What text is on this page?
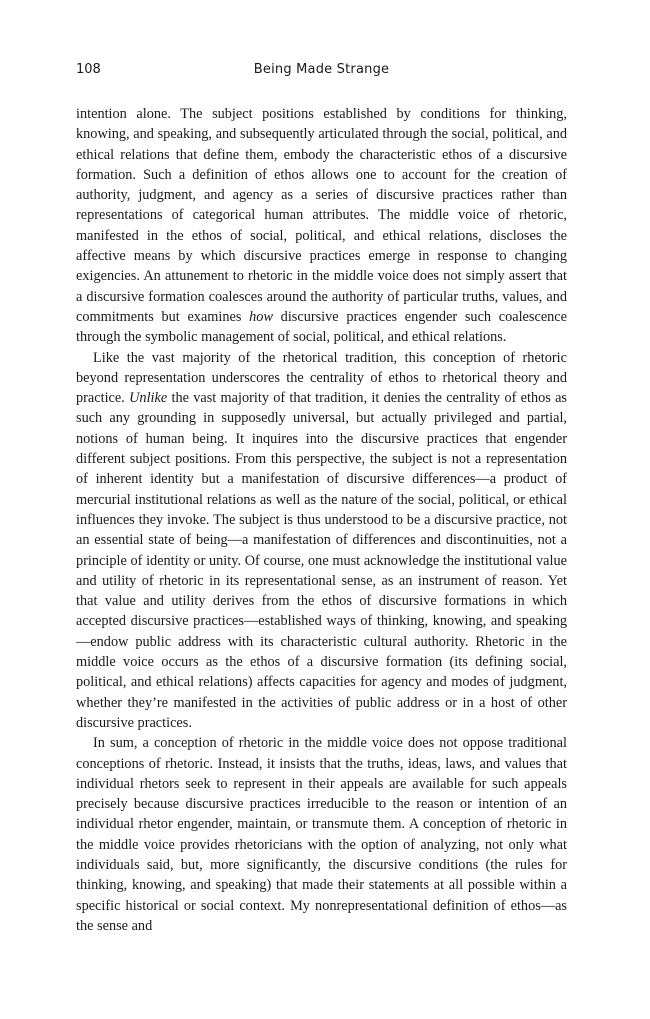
108	Being Made Strange

intention alone. The subject positions established by conditions for thinking, knowing, and speaking, and subsequently articulated through the social, political, and ethical relations that define them, embody the characteristic ethos of a discursive formation. Such a definition of ethos allows one to account for the creation of authority, judgment, and agency as a series of discursive practices rather than representations of categorical human attributes. The middle voice of rhetoric, manifested in the ethos of social, political, and ethical relations, discloses the affective means by which discursive practices emerge in response to changing exigencies. An attunement to rhetoric in the middle voice does not simply assert that a discursive formation coalesces around the authority of particular truths, values, and commitments but examines how discursive practices engender such coalescence through the symbolic management of social, political, and ethical relations.

Like the vast majority of the rhetorical tradition, this conception of rhetoric beyond representation underscores the centrality of ethos to rhetorical theory and practice. Unlike the vast majority of that tradition, it denies the centrality of ethos as such any grounding in supposedly universal, but actually privileged and partial, notions of human being. It inquires into the discursive practices that engender different subject positions. From this perspective, the subject is not a representation of inherent identity but a manifestation of discursive differences—a product of mercurial institutional relations as well as the nature of the social, political, or ethical influences they invoke. The subject is thus understood to be a discursive practice, not an essential state of being—a manifestation of differences and discontinuities, not a principle of identity or unity. Of course, one must acknowledge the institutional value and utility of rhetoric in its representational sense, as an instrument of reason. Yet that value and utility derives from the ethos of discursive formations in which accepted discursive practices—established ways of thinking, knowing, and speaking—endow public address with its characteristic cultural authority. Rhetoric in the middle voice occurs as the ethos of a discursive formation (its defining social, political, and ethical relations) affects capacities for agency and modes of judgment, whether they’re manifested in the activities of public address or in a host of other discursive practices.

In sum, a conception of rhetoric in the middle voice does not oppose traditional conceptions of rhetoric. Instead, it insists that the truths, ideas, laws, and values that individual rhetors seek to represent in their appeals are available for such appeals precisely because discursive practices irreducible to the reason or intention of an individual rhetor engender, maintain, or transmute them. A conception of rhetoric in the middle voice provides rhetoricians with the option of analyzing, not only what individuals said, but, more significantly, the discursive conditions (the rules for thinking, knowing, and speaking) that made their statements at all possible within a specific historical or social context. My nonrepresentational definition of ethos—as the sense and
